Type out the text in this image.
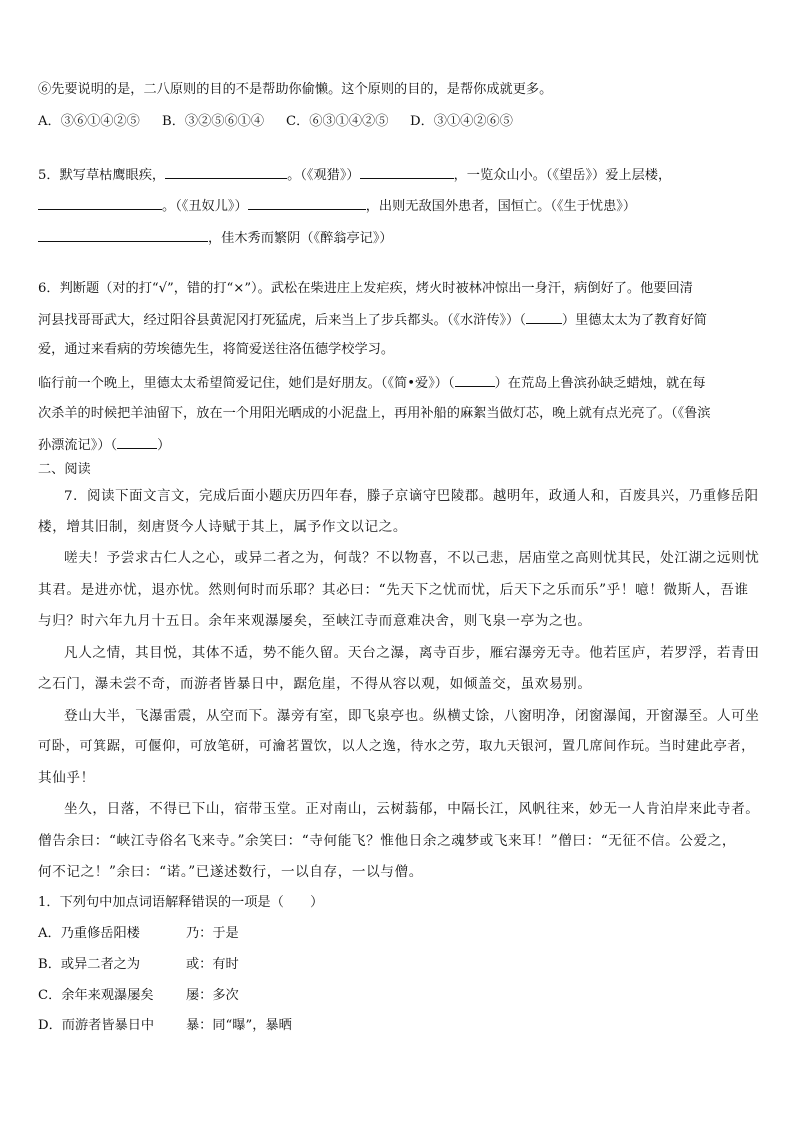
⑥先要说明的是，二八原则的目的不是帮助你偷懒。这个原则的目的，是帮你成就更多。
A．③⑥①④②⑤ B．③②⑤⑥①④ C．⑥③①④②⑤ D．③①④②⑥⑤
5．默写草枯鹰眼疾，	。（《观猎》）	，一览众山小。（《望岳》）爱上层楼，
。（《丑奴儿》）	，出则无敌国外患者，国恒亡。（《生于忧患》）
，佳木秀而繁阴（《醉翁亭记》）
6．判断题（对的打“√”，错的打“×”）。武松在柴进庄上发疟疾，烤火时被林冲惊出一身汗，病倒好了。他要回清
河县找哥哥武大，经过阳谷县黄泥冈打死猛虎，后来当上了步兵都头。（《水浒传》）（	）里德太太为了教育好简
爱，通过来看病的劳埃德先生，将简爱送往洛伍德学校学习。
临行前一个晚上，里德太太希望简爱记住，她们是好朋友。（《简•爱》）（	）在荒岛上鲁滨孙缺乏蜡烛，就在每
次杀羊的时候把羊油留下，放在一个用阳光晒成的小泥盘上，再用补船的麻絮当做灯芯，晚上就有点光亮了。（《鲁滨
孙漂流记》）（	）
二、阅读
7．阅读下面文言文，完成后面小题庆历四年春，滕子京谪守巴陵郡。越明年，政通人和，百废具兴，乃重修岳阳
楼，增其旧制，刻唐贤今人诗赋于其上，属予作文以记之。
嗟夫！予尝求古仁人之心，或异二者之为，何哉？不以物喜，不以己悲，居庙堂之高则忧其民，处江湖之远则忧
其君。是进亦忧，退亦忧。然则何时而乐耶？其必曰：“先天下之忧而忧，后天下之乐而乐”乎！噫！微斯人，吾谁
与归？时六年九月十五日。余年来观瀑屡矣，至峡江寺而意难决舍，则飞泉一亭为之也。
凡人之情，其目悦，其体不适，势不能久留。天台之瀑，离寺百步，雁宕瀑旁无寺。他若匡庐，若罗浮，若青田
之石门，瀑未尝不奇，而游者皆暴日中，踞危崖，不得从容以观，如倾盖交，虽欢易别。
登山大半，飞瀑雷震，从空而下。瀑旁有室，即飞泉亭也。纵横丈馀，八窗明净，闭窗瀑闻，开窗瀑至。人可坐
可卧，可箕踞，可偃仰，可放笔研，可瀹茗置饮，以人之逸，待水之劳，取九天银河，置几席间作玩。当时建此亭者，
其仙乎！
坐久，日落，不得已下山，宿带玉堂。正对南山，云树蓊郁，中隔长江，风帆往来，妙无一人肯泊岸来此寺者。
僧告余曰：“峡江寺俗名飞来寺。”余笑曰：“寺何能飞？惟他日余之魂梦或飞来耳！”僧曰：“无征不信。公爱之，
何不记之！”余曰：“诺。”已遂述数行，一以自存，一以与僧。
1．下列句中加点词语解释错误的一项是（　　）
A．乃重修岳阳楼	乃：于是
B．或异二者之为	或：有时
C．余年来观瀑屡矣 屡：多次
D．而游者皆暴日中 暴：同“曝”，暴晒
